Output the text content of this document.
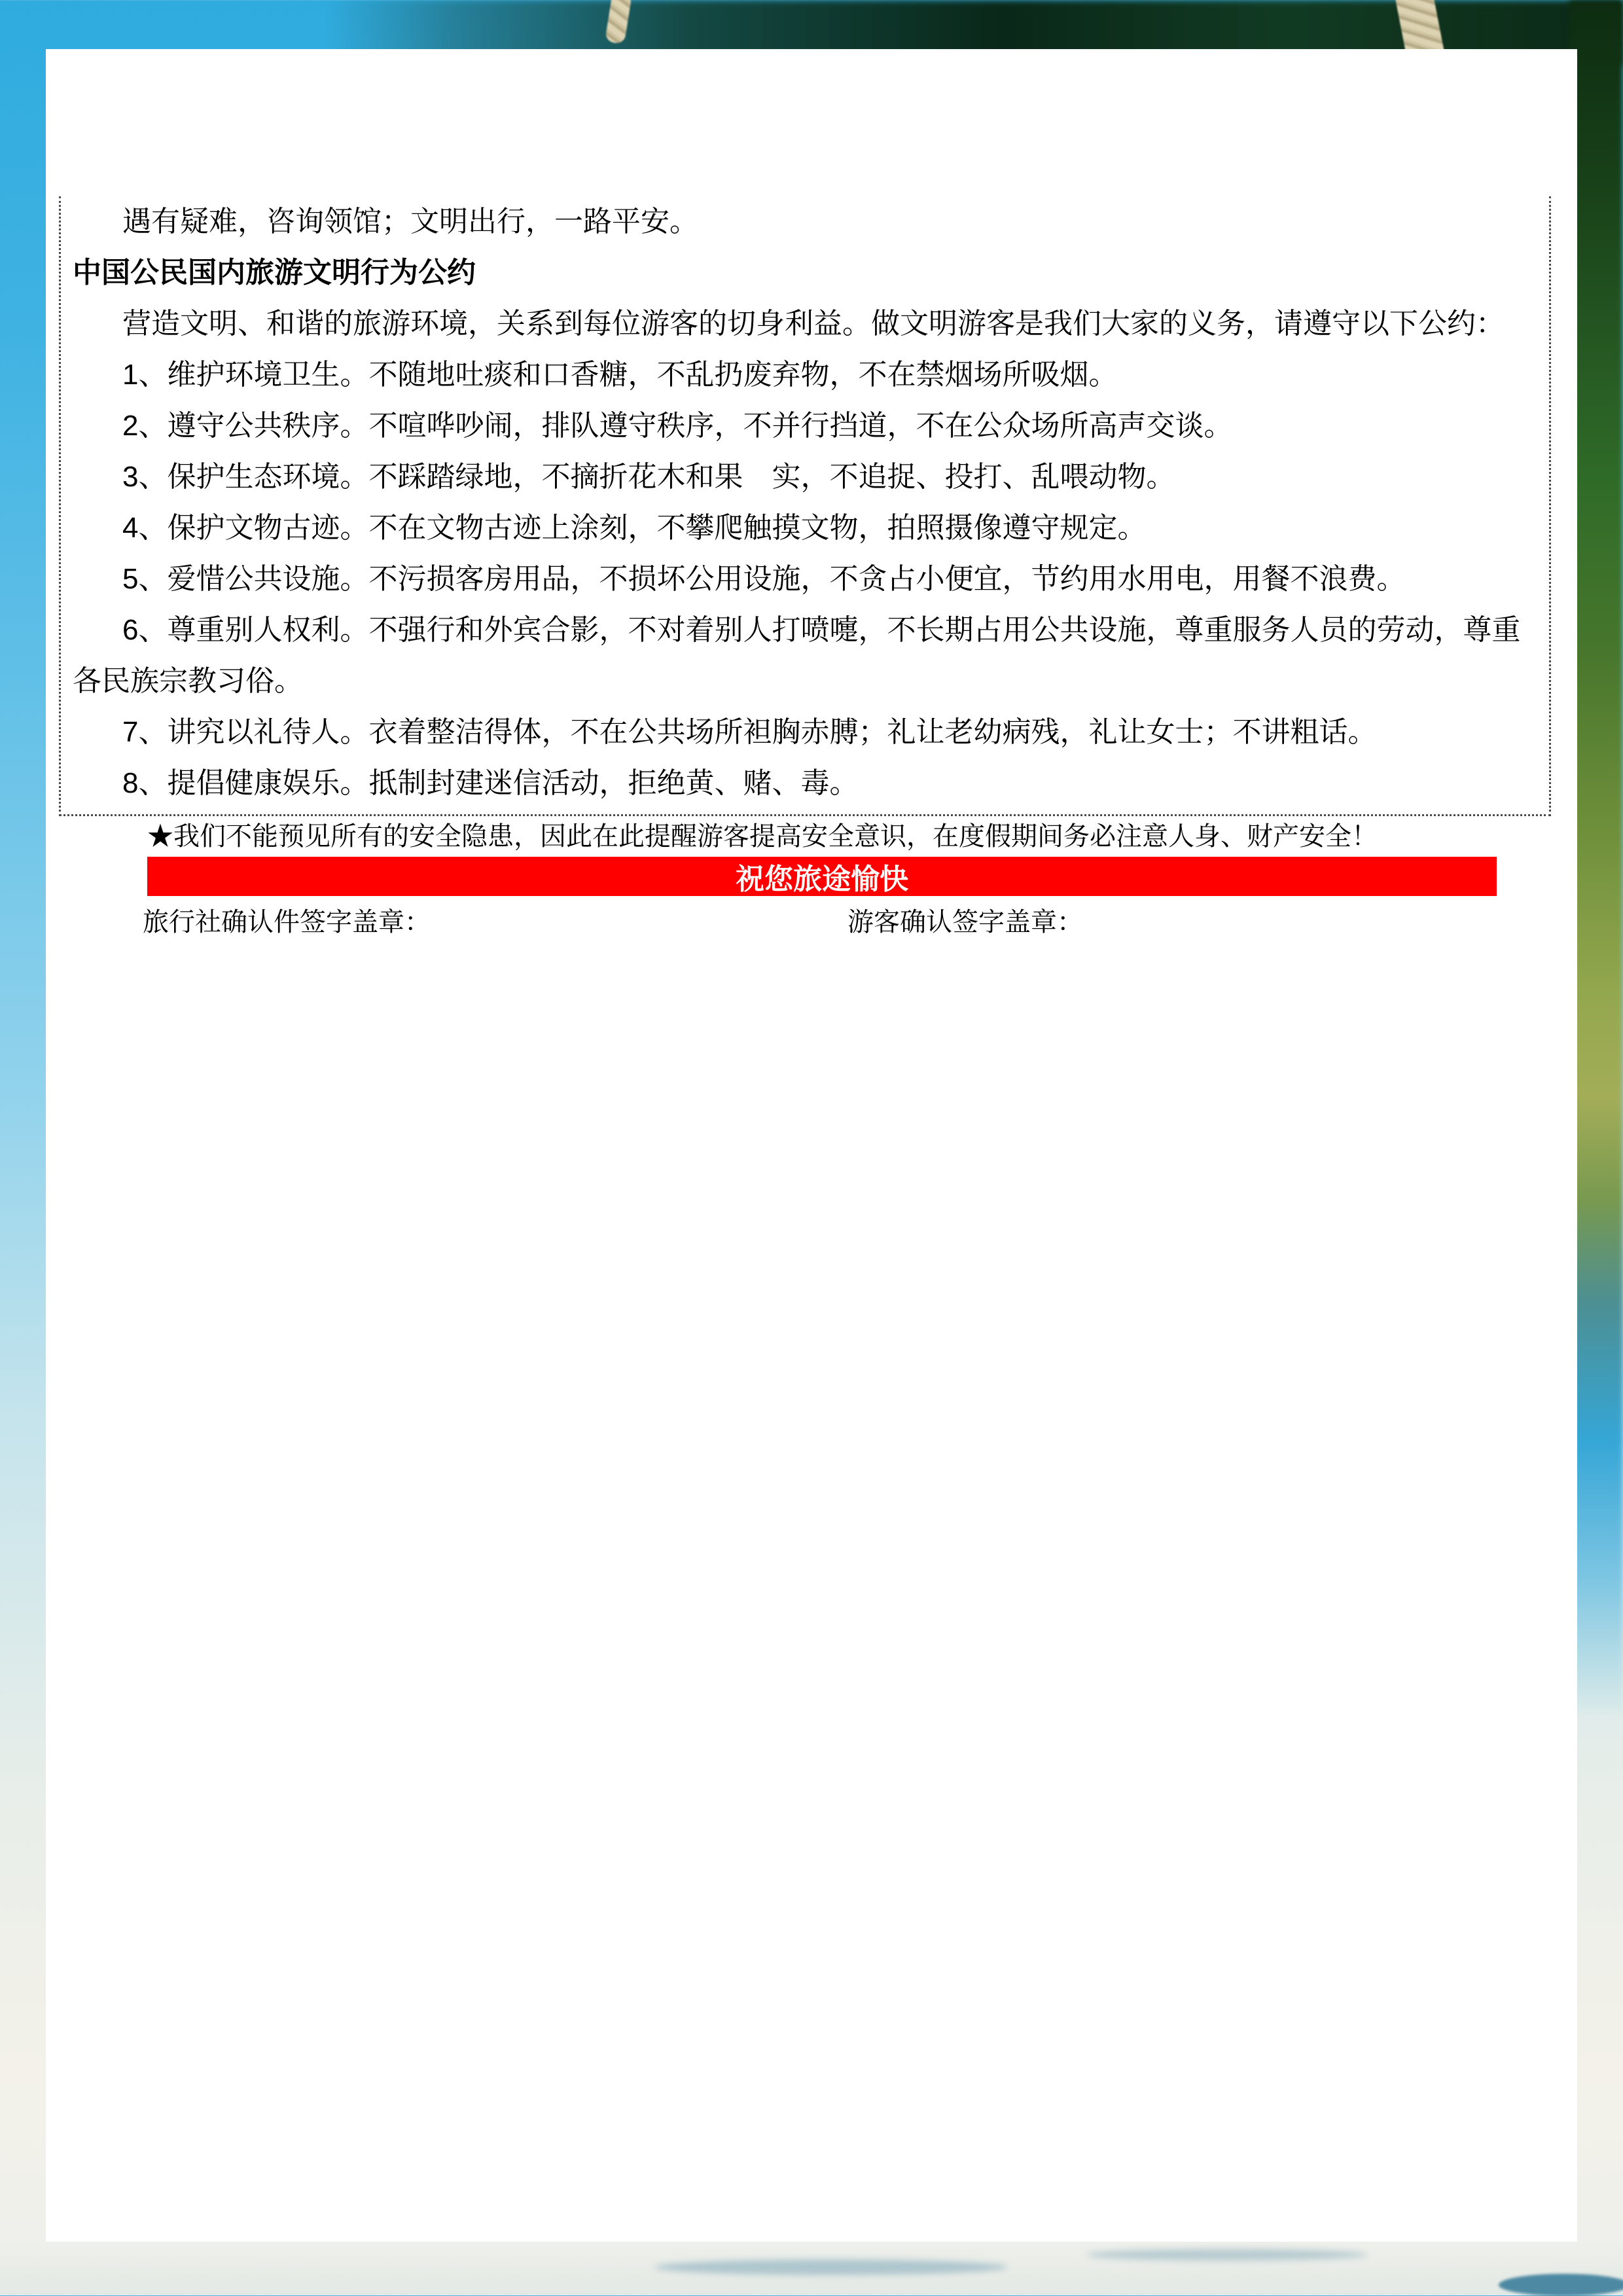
遇有疑难，咨询领馆；文明出行，一路平安。

中国公民国内旅游文明行为公约

营造文明、和谐的旅游环境，关系到每位游客的切身利益。做文明游客是我们大家的义务，请遵守以下公约：

1、维护环境卫生。不随地吐痰和口香糖，不乱扔废弃物，不在禁烟场所吸烟。

2、遵守公共秩序。不喧哗吵闹，排队遵守秩序，不并行挡道，不在公众场所高声交谈。

3、保护生态环境。不踩踏绿地，不摘折花木和果　实，不追捉、投打、乱喂动物。

4、保护文物古迹。不在文物古迹上涂刻，不攀爬触摸文物，拍照摄像遵守规定。

5、爱惜公共设施。不污损客房用品，不损坏公用设施，不贪占小便宜，节约用水用电，用餐不浪费。

6、尊重别人权利。不强行和外宾合影，不对着别人打喷嚏，不长期占用公共设施，尊重服务人员的劳动，尊重各民族宗教习俗。

7、讲究以礼待人。衣着整洁得体，不在公共场所袒胸赤膊；礼让老幼病残，礼让女士；不讲粗话。

8、提倡健康娱乐。抵制封建迷信活动，拒绝黄、赌、毒。

★我们不能预见所有的安全隐患，因此在此提醒游客提高安全意识，在度假期间务必注意人身、财产安全！
祝您旅途愉快
旅行社确认件签字盖章：	游客确认签字盖章：
